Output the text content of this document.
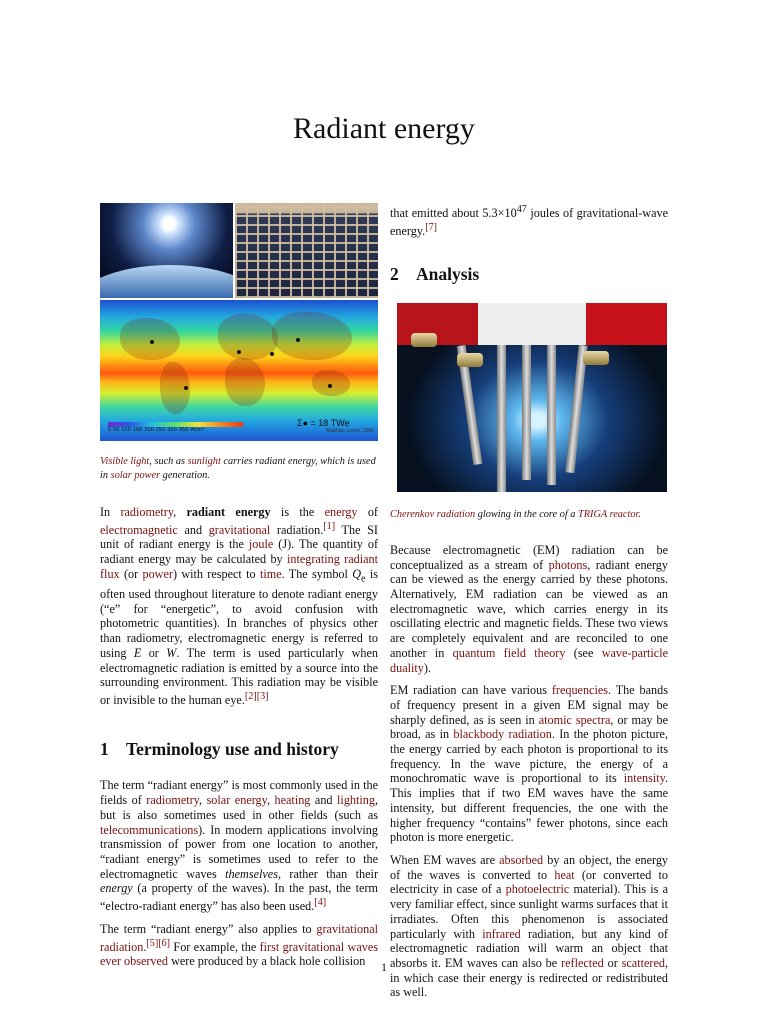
Radiant energy
0 50 100 150 200 250 300 350 W/m²
Σ● = 18 TWe
Matthias Loster, 2006

Visible light, such as sunlight carries radiant energy, which is used in solar power generation.

In radiometry, radiant energy is the energy of electromagnetic and gravitational radiation.[1] The SI unit of radiant energy is the joule (J). The quantity of radiant energy may be calculated by integrating radiant flux (or power) with respect to time. The symbol $Q_e$ is often used throughout literature to denote radiant energy (“e” for “energetic”, to avoid confusion with photometric quantities). In branches of physics other than radiometry, electromagnetic energy is referred to using E or W. The term is used particularly when electromagnetic radiation is emitted by a source into the surrounding environment. This radiation may be visible or invisible to the human eye.[2][3]

1 Terminology use and history

The term “radiant energy” is most commonly used in the fields of radiometry, solar energy, heating and lighting, but is also sometimes used in other fields (such as telecommunications). In modern applications involving transmission of power from one location to another, “radiant energy” is sometimes used to refer to the electromagnetic waves themselves, rather than their energy (a property of the waves). In the past, the term “electro-radiant energy” has also been used.[4]

The term “radiant energy” also applies to gravitational radiation.[5][6] For example, the first gravitational waves ever observed were produced by a black hole collision

that emitted about $5.3\times 10^{47}$ joules of gravitational-wave energy.[7]

2 Analysis

Cherenkov radiation glowing in the core of a TRIGA reactor.

Because electromagnetic (EM) radiation can be conceptualized as a stream of photons, radiant energy can be viewed as the energy carried by these photons. Alternatively, EM radiation can be viewed as an electromagnetic wave, which carries energy in its oscillating electric and magnetic fields. These two views are completely equivalent and are reconciled to one another in quantum field theory (see wave-particle duality).

EM radiation can have various frequencies. The bands of frequency present in a given EM signal may be sharply defined, as is seen in atomic spectra, or may be broad, as in blackbody radiation. In the photon picture, the energy carried by each photon is proportional to its frequency. In the wave picture, the energy of a monochromatic wave is proportional to its intensity. This implies that if two EM waves have the same intensity, but different frequencies, the one with the higher frequency “contains” fewer photons, since each photon is more energetic.

When EM waves are absorbed by an object, the energy of the waves is converted to heat (or converted to electricity in case of a photoelectric material). This is a very familiar effect, since sunlight warms surfaces that it irradiates. Often this phenomenon is associated particularly with infrared radiation, but any kind of electromagnetic radiation will warm an object that absorbs it. EM waves can also be reflected or scattered, in which case their energy is redirected or redistributed as well.

1
